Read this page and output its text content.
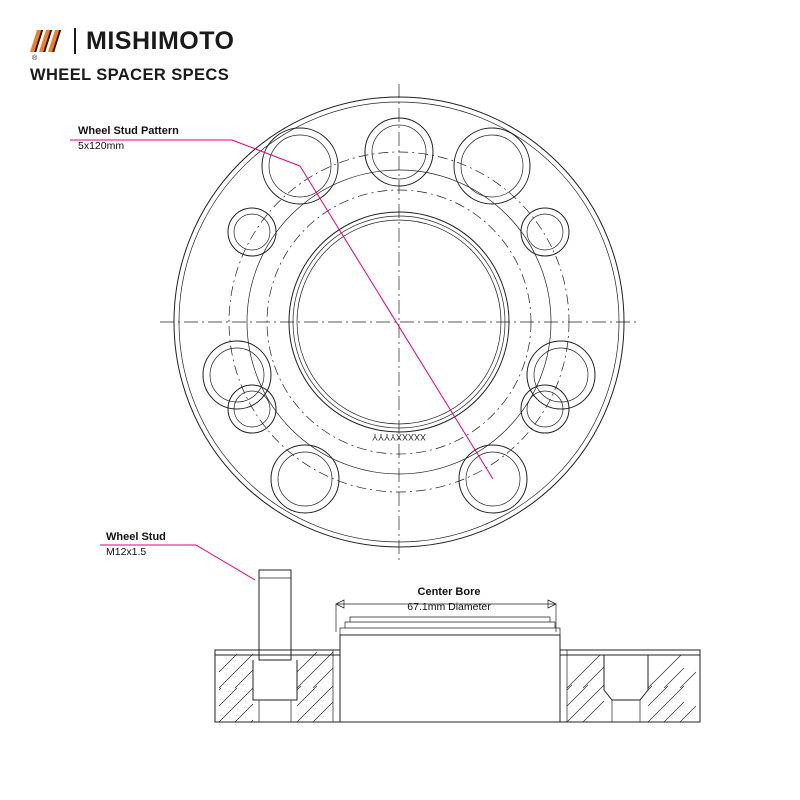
®
MISHIMOTO
WHEEL SPACER SPECS
XXXXXYYYY
Wheel Stud Pattern
5x120mm
Wheel Stud
M12x1.5
Center Bore
67.1mm Diameter
